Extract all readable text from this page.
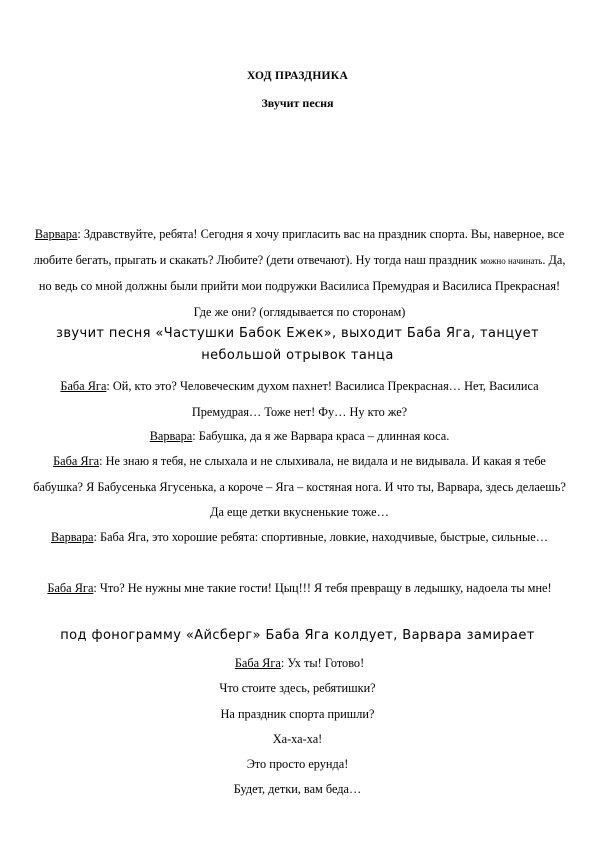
ХОД ПРАЗДНИКА
Звучит песня
Варвара: Здравствуйте, ребята! Сегодня я хочу пригласить вас на праздник спорта. Вы, наверное, все любите бегать, прыгать и скакать? Любите? (дети отвечают). Ну тогда наш праздник можно начинать. Да, но ведь со мной должны были прийти мои подружки Василиса Премудрая и Василиса Прекрасная! Где же они? (оглядывается по сторонам)
звучит песня «Частушки Бабок Ежек», выходит Баба Яга, танцует небольшой отрывок танца
Баба Яга: Ой, кто это? Человеческим духом пахнет! Василиса Прекрасная… Нет, Василиса Премудрая… Тоже нет! Фу… Ну кто же?
Варвара: Бабушка, да я же Варвара краса – длинная коса.
Баба Яга: Не знаю я тебя, не слыхала и не слыхивала, не видала и не видывала. И какая я тебе бабушка? Я Бабусенька Ягусенька, а короче – Яга – костяная нога. И что ты, Варвара, здесь делаешь? Да еще детки вкусненькие тоже…
Варвара: Баба Яга, это хорошие ребята: спортивные, ловкие, находчивые, быстрые, сильные…
Баба Яга: Что? Не нужны мне такие гости! Цыц!!! Я тебя превращу в ледышку, надоела ты мне!
под фонограмму «Айсберг» Баба Яга колдует, Варвара замирает
Баба Яга: Ух ты! Готово!
Что стоите здесь, ребятишки?
На праздник спорта пришли?
Ха-ха-ха!
Это просто ерунда!
Будет, детки, вам беда…
